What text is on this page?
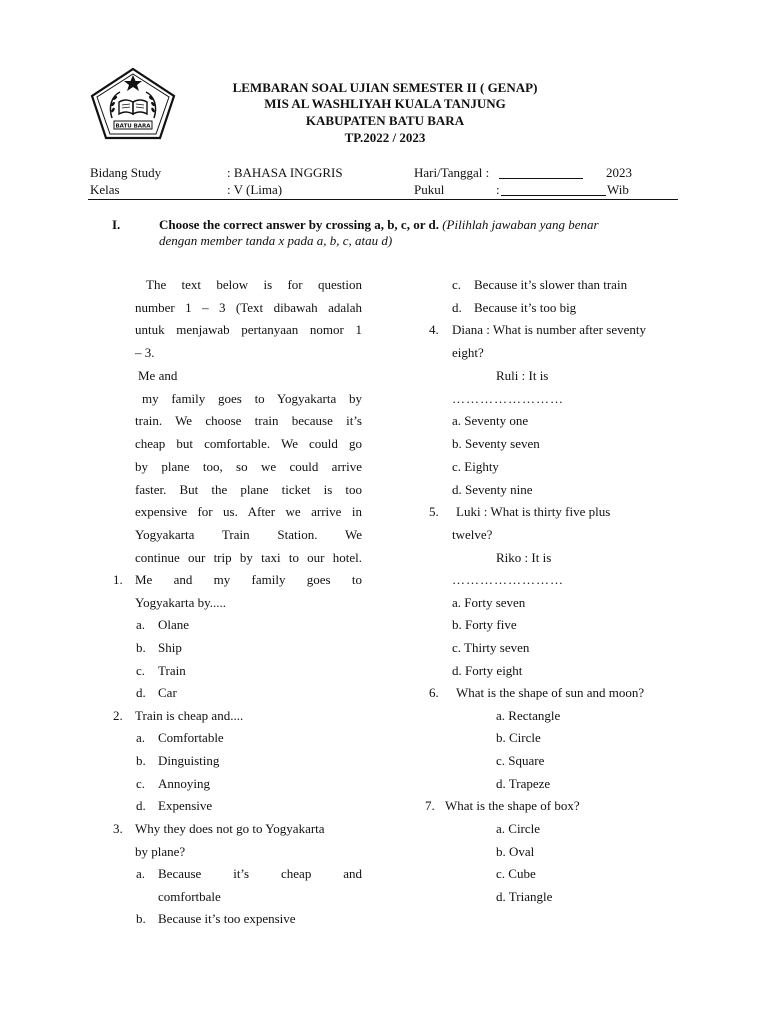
BATU BARA
LEMBARAN SOAL UJIAN SEMESTER II ( GENAP)
MIS AL WASHLIYAH KUALA TANJUNG
KABUPATEN BATU BARA
TP.2022 / 2023
Bidang Study	: BAHASA INGGRIS	Hari/Tanggal :	2023
Kelas	: V (Lima)	Pukul	:	Wib
I.	Choose the correct answer by crossing a, b, c, or d. (Pilihlah jawaban yang benar
dengan member tanda x pada a, b, c, atau d)
The text below is for question
number 1 – 3 (Text dibawah adalah
untuk menjawab pertanyaan nomor 1
– 3.
Me and
my family goes to Yogyakarta by
train. We choose train because it’s
cheap but comfortable. We could go
by plane too, so we could arrive
faster. But the plane ticket is too
expensive for us. After we arrive in
Yogyakarta Train Station. We
continue our trip by taxi to our hotel.
1. Me and my family goes to
Yogyakarta by.....
a. Olane
b. Ship
c. Train
d. Car
2. Train is cheap and....
a. Comfortable
b. Dinguisting
c. Annoying
d. Expensive
3. Why they does not go to Yogyakarta
by plane?
a. Because it’s cheap and
comfortbale
b. Because it’s too expensive
c. Because it’s slower than train
d. Because it’s too big
4. Diana : What is number after seventy
eight?
Ruli : It is
……………………
a. Seventy one
b. Seventy seven
c. Eighty
d. Seventy nine
5. Luki : What is thirty five plus
twelve?
Riko : It is
……………………
a. Forty seven
b. Forty five
c. Thirty seven
d. Forty eight
6. What is the shape of sun and moon?
a. Rectangle
b. Circle
c. Square
d. Trapeze
7. What is the shape of box?
a. Circle
b. Oval
c. Cube
d. Triangle
